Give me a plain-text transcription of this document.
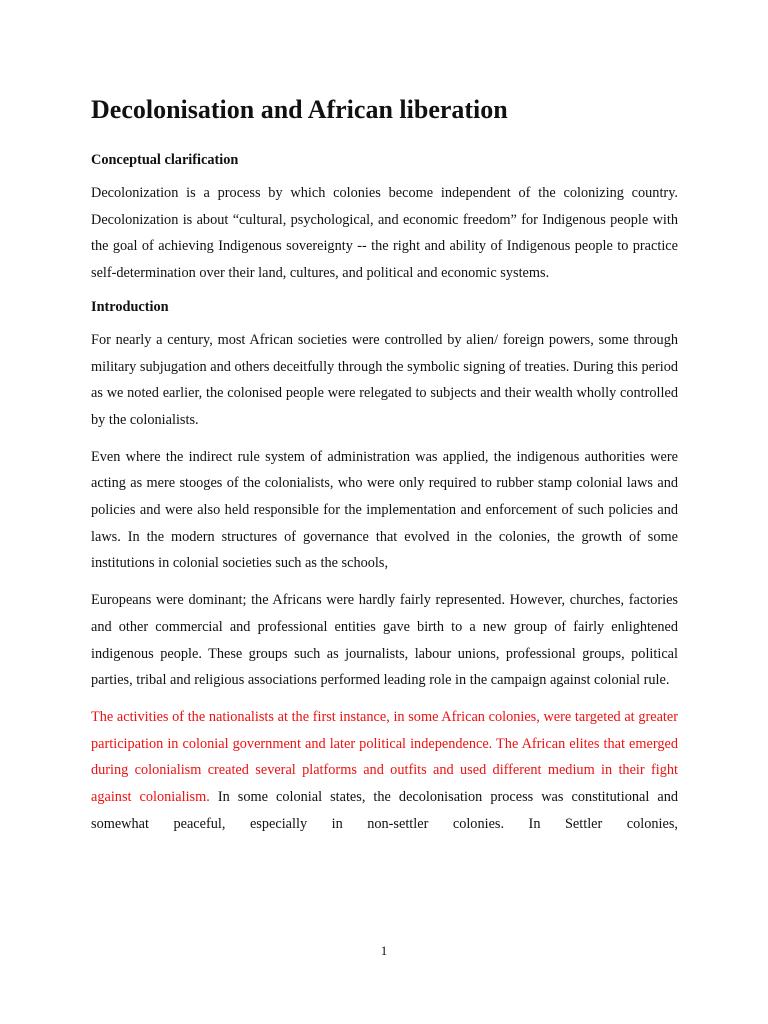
Decolonisation and African liberation
Conceptual clarification

Decolonization is a process by which colonies become independent of the colonizing country. Decolonization is about “cultural, psychological, and economic freedom” for Indigenous people with the goal of achieving Indigenous sovereignty -- the right and ability of Indigenous people to practice self-determination over their land, cultures, and political and economic systems.

Introduction

For nearly a century, most African societies were controlled by alien/ foreign powers, some through military subjugation and others deceitfully through the symbolic signing of treaties. During this period as we noted earlier, the colonised people were relegated to subjects and their wealth wholly controlled by the colonialists.

Even where the indirect rule system of administration was applied, the indigenous authorities were acting as mere stooges of the colonialists, who were only required to rubber stamp colonial laws and policies and were also held responsible for the implementation and enforcement of such policies and laws. In the modern structures of governance that evolved in the colonies, the growth of some institutions in colonial societies such as the schools,

Europeans were dominant; the Africans were hardly fairly represented. However, churches, factories and other commercial and professional entities gave birth to a new group of fairly enlightened indigenous people. These groups such as journalists, labour unions, professional groups, political parties, tribal and religious associations performed leading role in the campaign against colonial rule.

The activities of the nationalists at the first instance, in some African colonies, were targeted at greater participation in colonial government and later political independence. The African elites that emerged during colonialism created several platforms and outfits and used different medium in their fight against colonialism. In some colonial states, the decolonisation process was constitutional and somewhat peaceful, especially in non-settler colonies. In Settler colonies,

1
